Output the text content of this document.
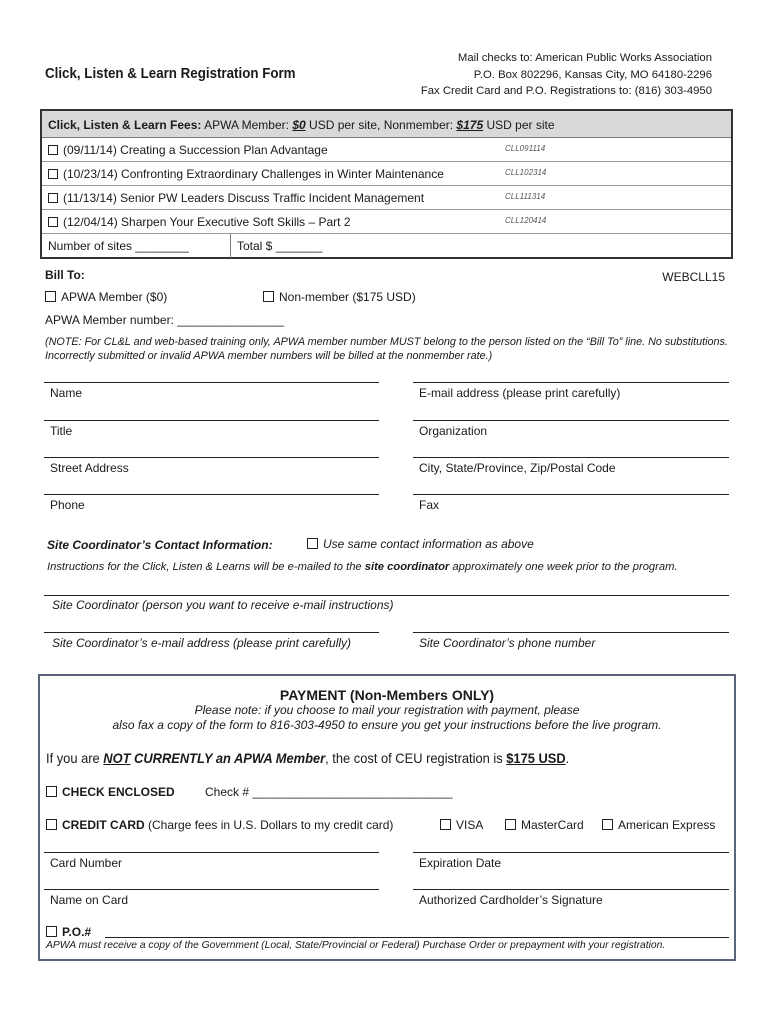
Click, Listen & Learn Registration Form
Mail checks to: American Public Works Association
P.O. Box 802296, Kansas City, MO 64180-2296
Fax Credit Card and P.O. Registrations to: (816) 303-4950
Click, Listen & Learn Fees: APWA Member: $0 USD per site, Nonmember: $175 USD per site
(09/11/14) Creating a Succession Plan Advantage	CLL091114
(10/23/14) Confronting Extraordinary Challenges in Winter Maintenance	CLL102314
(11/13/14) Senior PW Leaders Discuss Traffic Incident Management	CLL111314
(12/04/14) Sharpen Your Executive Soft Skills – Part 2	CLL120414
Number of sites ________	Total $ _______
Bill To:	WEBCLL15
APWA Member ($0)	Non-member ($175 USD)
APWA Member number: ________________
(NOTE: For CL&L and web-based training only, APWA member number MUST belong to the person listed on the “Bill To” line. No substitutions. Incorrectly submitted or invalid APWA member numbers will be billed at the nonmember rate.)
Name	E-mail address (please print carefully)
Title	Organization
Street Address	City, State/Province, Zip/Postal Code
Phone	Fax
Site Coordinator’s Contact Information:	Use same contact information as above
Instructions for the Click, Listen & Learns will be e-mailed to the site coordinator approximately one week prior to the program.
Site Coordinator (person you want to receive e-mail instructions)
Site Coordinator’s e-mail address (please print carefully)	Site Coordinator’s phone number
PAYMENT (Non-Members ONLY)
Please note: if you choose to mail your registration with payment, please
also fax a copy of the form to 816-303-4950 to ensure you get your instructions before the live program.
If you are NOT CURRENTLY an APWA Member, the cost of CEU registration is $175 USD.
CHECK ENCLOSED	Check # ______________________________
CREDIT CARD (Charge fees in U.S. Dollars to my credit card)	VISA	MasterCard	American Express
Card Number	Expiration Date
Name on Card	Authorized Cardholder’s Signature
P.O.#
APWA must receive a copy of the Government (Local, State/Provincial or Federal) Purchase Order or prepayment with your registration.
